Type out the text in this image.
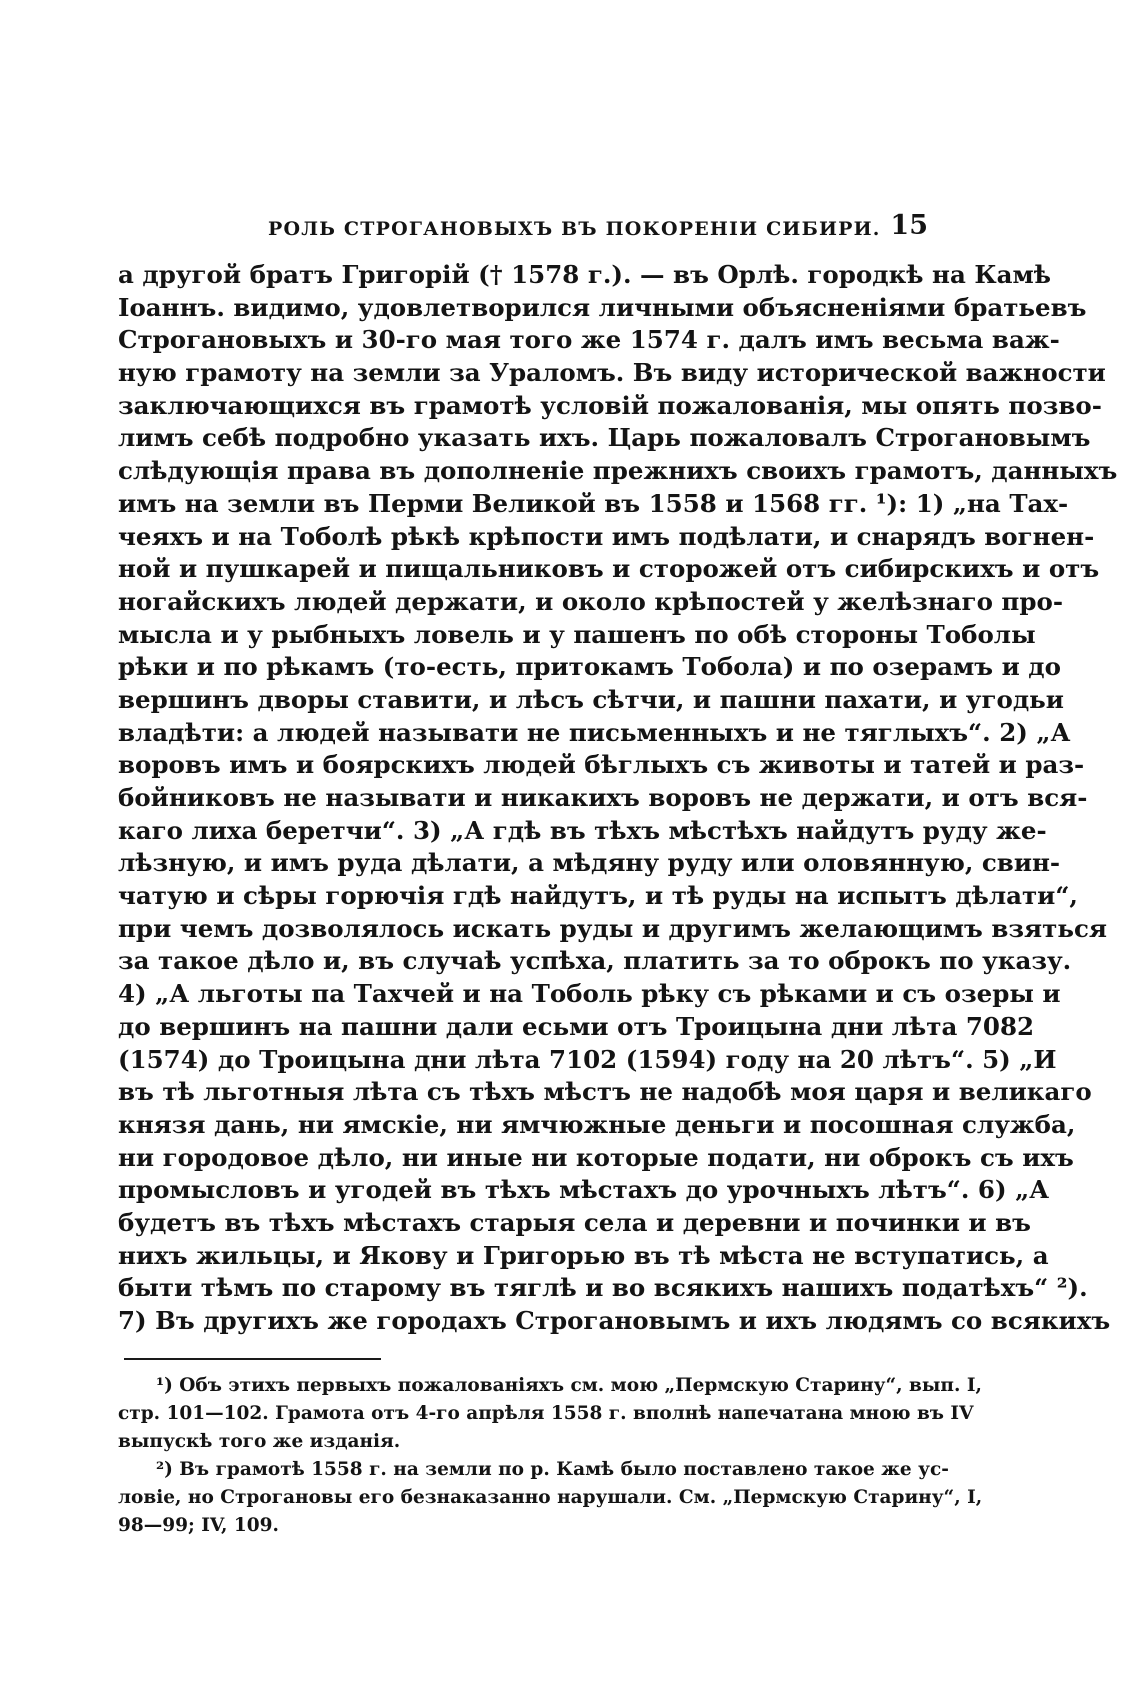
РОЛЬ СТРОГАНОВЫХЪ ВЪ ПОКОРЕНІИ СИБИРИ. 15
а другой братъ Григорій († 1578 г.). — въ Орлѣ. городкѣ на Камѣ
Іоаннъ. видимо, удовлетворился личными объясненіями братьевъ
Строгановыхъ и 30-го мая того же 1574 г. далъ имъ весьма важ-
ную грамоту на земли за Ураломъ. Въ виду исторической важности
заключающихся въ грамотѣ условій пожалованія, мы опять позво-
лимъ себѣ подробно указать ихъ. Царь пожаловалъ Строгановымъ
слѣдующія права въ дополненіе прежнихъ своихъ грамотъ, данныхъ
имъ на земли въ Перми Великой въ 1558 и 1568 гг. ¹): 1) „на Тах-
чеяхъ и на Тоболѣ рѣкѣ крѣпости имъ подѣлати, и снарядъ вогнен-
ной и пушкарей и пищальниковъ и сторожей отъ сибирскихъ и отъ
ногайскихъ людей держати, и около крѣпостей у желѣзнаго про-
мысла и у рыбныхъ ловель и у пашенъ по обѣ стороны Тоболы
рѣки и по рѣкамъ (то-есть, притокамъ Тобола) и по озерамъ и до
вершинъ дворы ставити, и лѣсъ сѣтчи, и пашни пахати, и угодьи
владѣти: а людей называти не письменныхъ и не тяглыхъ“. 2) „А
воровъ имъ и боярскихъ людей бѣглыхъ съ животы и татей и раз-
бойниковъ не называти и никакихъ воровъ не держати, и отъ вся-
каго лиха беретчи“. 3) „А гдѣ въ тѣхъ мѣстѣхъ найдутъ руду же-
лѣзную, и имъ руда дѣлати, а мѣдяну руду или оловянную, свин-
чатую и сѣры горючія гдѣ найдутъ, и тѣ руды на испытъ дѣлати“,
при чемъ дозволялось искать руды и другимъ желающимъ взяться
за такое дѣло и, въ случаѣ успѣха, платить за то оброкъ по указу.
4) „А льготы па Тахчей и на Тоболь рѣку съ рѣками и съ озеры и
до вершинъ на пашни дали есьми отъ Троицына дни лѣта 7082
(1574) до Троицына дни лѣта 7102 (1594) году на 20 лѣтъ“. 5) „И
въ тѣ льготныя лѣта съ тѣхъ мѣстъ не надобѣ моя царя и великаго
князя дань, ни ямскіе, ни ямчюжные деньги и посошная служба,
ни городовое дѣло, ни иные ни которые подати, ни оброкъ съ ихъ
промысловъ и угодей въ тѣхъ мѣстахъ до урочныхъ лѣтъ“. 6) „А
будетъ въ тѣхъ мѣстахъ старыя села и деревни и починки и въ
нихъ жильцы, и Якову и Григорью въ тѣ мѣста не вступатись, а
быти тѣмъ по старому въ тяглѣ и во всякихъ нашихъ податѣхъ“ ²).
7) Въ другихъ же городахъ Строгановымъ и ихъ людямъ со всякихъ
¹) Объ этихъ первыхъ пожалованіяхъ см. мою „Пермскую Старину“, вып. I,
стр. 101—102. Грамота отъ 4-го апрѣля 1558 г. вполнѣ напечатана мною въ IV
выпускѣ того же изданія.
²) Въ грамотѣ 1558 г. на земли по р. Камѣ было поставлено такое же ус-
ловіе, но Строгановы его безнаказанно нарушали. См. „Пермскую Старину“, I,
98—99; IV, 109.
